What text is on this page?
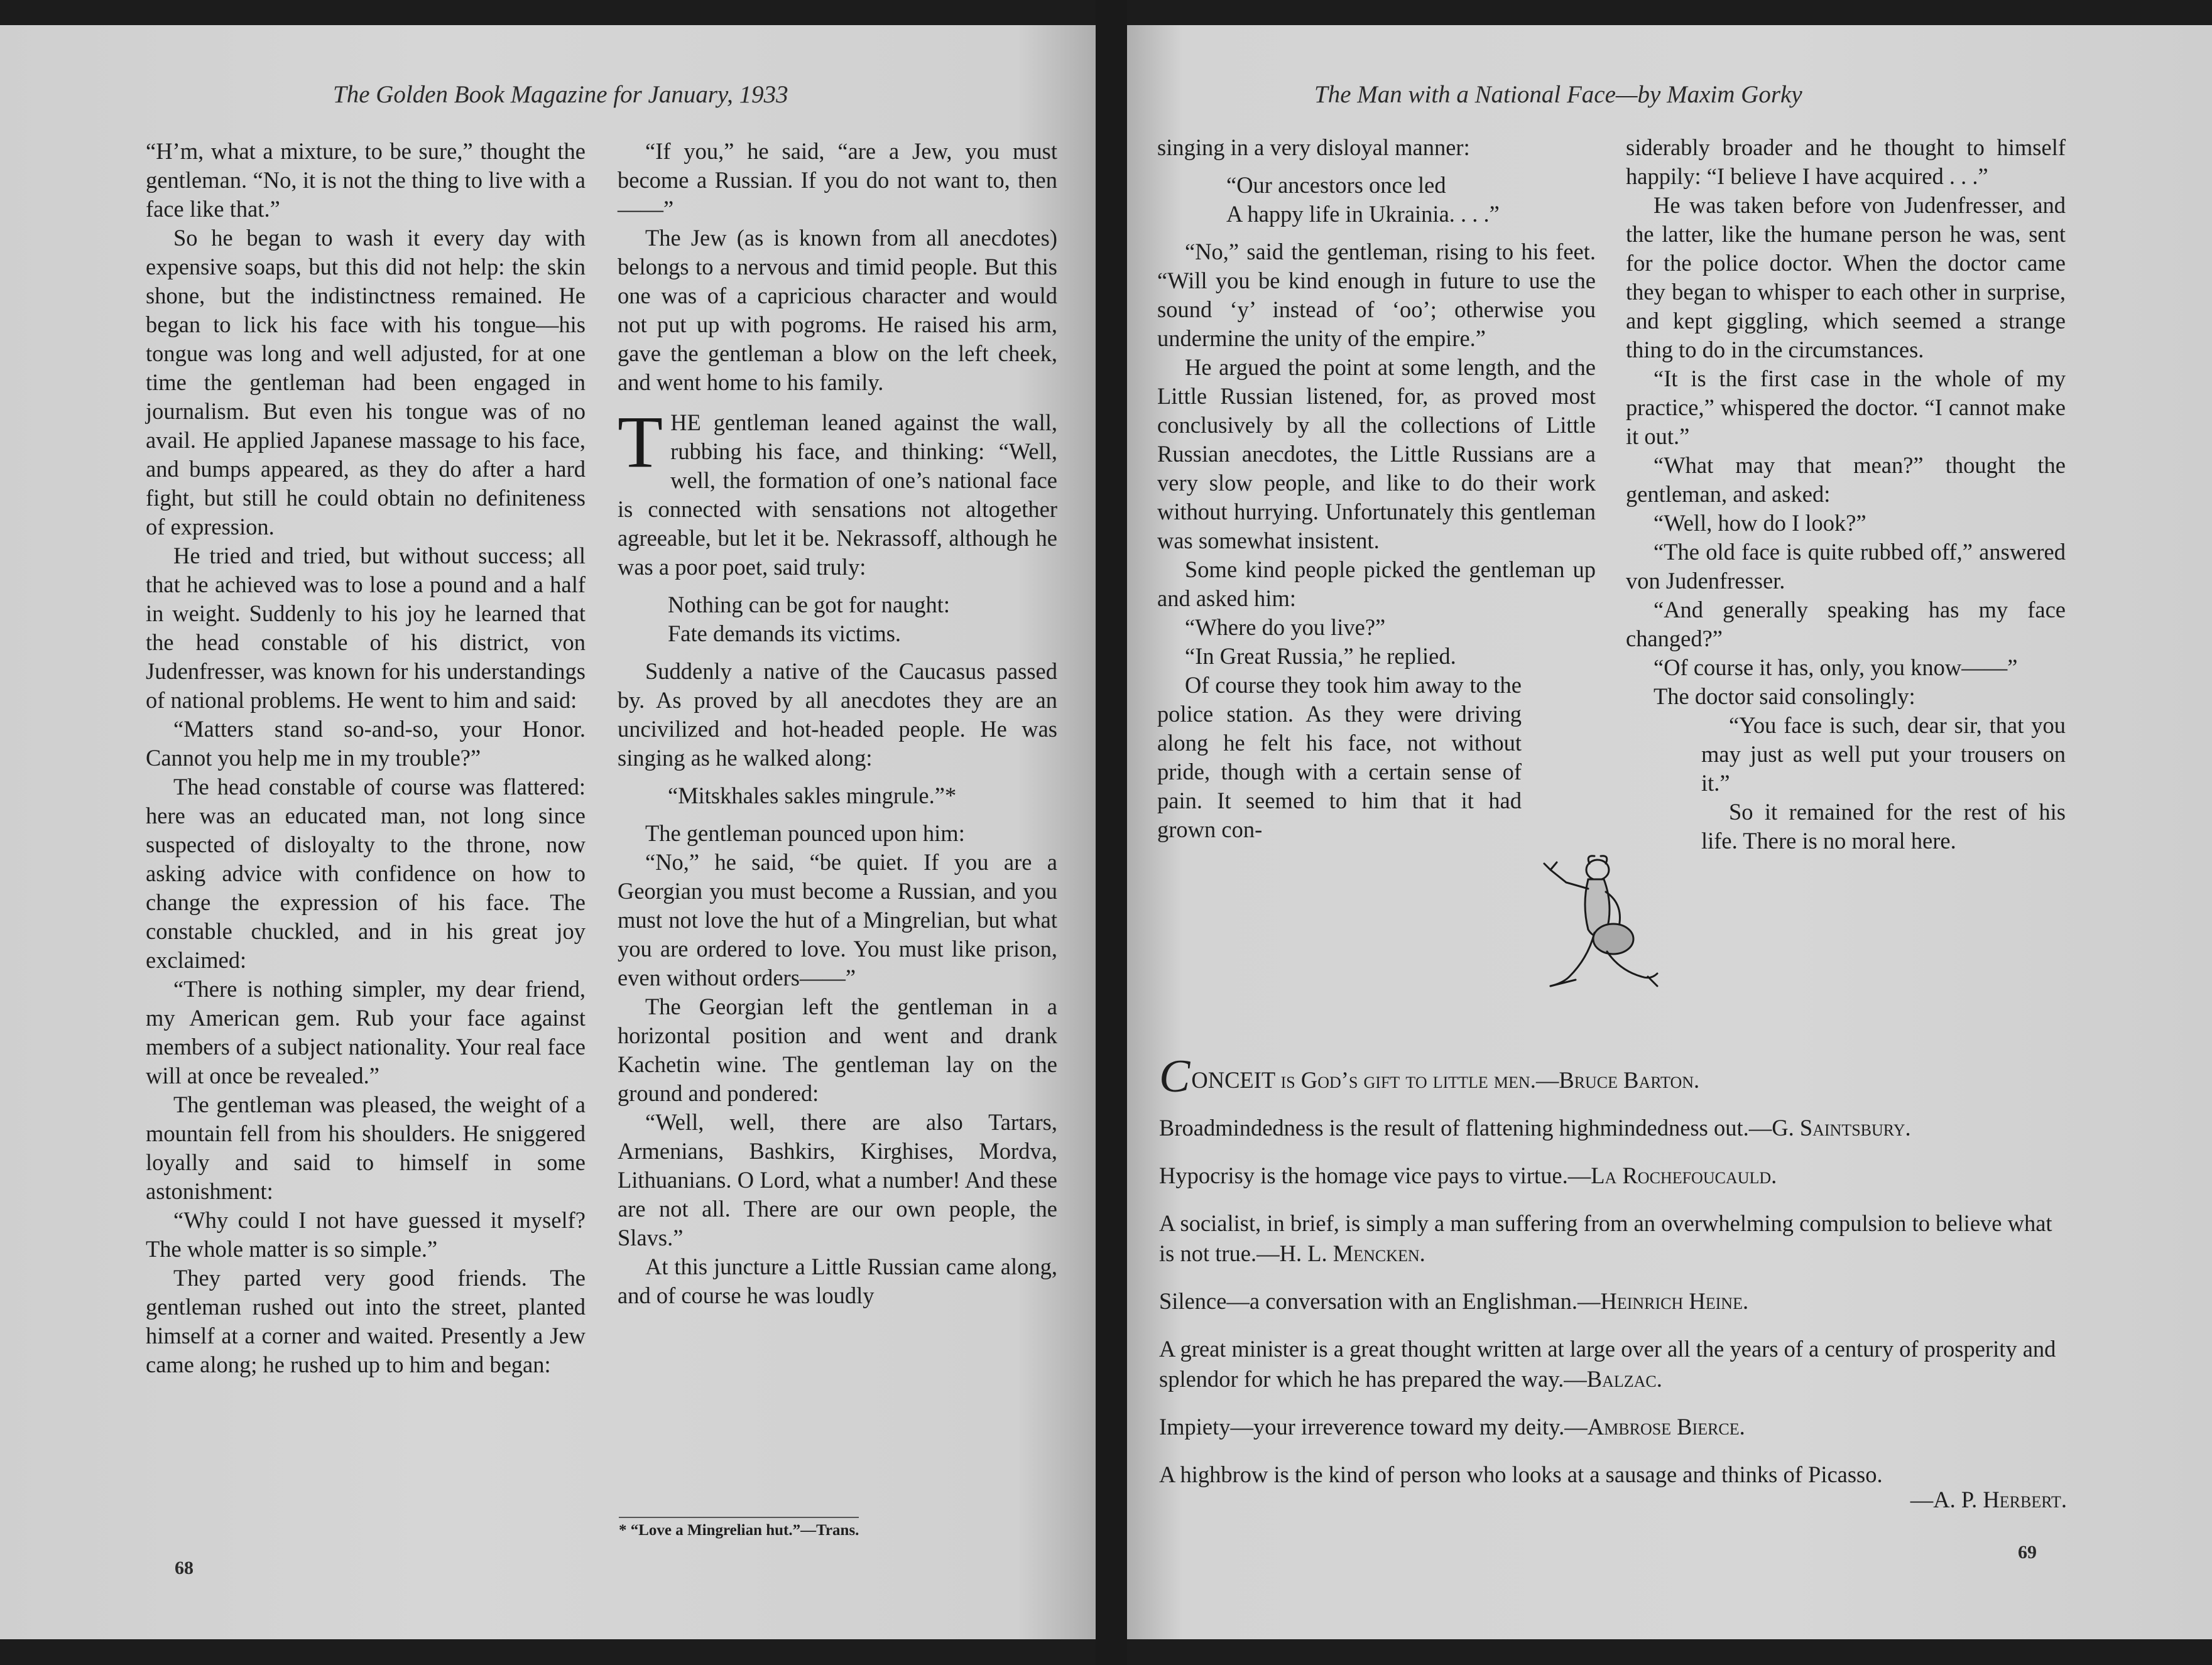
The Golden Book Magazine for January, 1933

“H’m, what a mixture, to be sure,” thought the gentleman. “No, it is not the thing to live with a face like that.”

So he began to wash it every day with expensive soaps, but this did not help: the skin shone, but the indistinctness remained. He began to lick his face with his tongue—his tongue was long and well adjusted, for at one time the gentleman had been engaged in journalism. But even his tongue was of no avail. He applied Japanese massage to his face, and bumps appeared, as they do after a hard fight, but still he could obtain no definiteness of expression.

He tried and tried, but without success; all that he achieved was to lose a pound and a half in weight. Suddenly to his joy he learned that the head constable of his district, von Judenfresser, was known for his understandings of national problems. He went to him and said:

“Matters stand so-and-so, your Honor. Cannot you help me in my trouble?”

The head constable of course was flattered: here was an educated man, not long since suspected of disloyalty to the throne, now asking advice with confidence on how to change the expression of his face. The constable chuckled, and in his great joy exclaimed:

“There is nothing simpler, my dear friend, my American gem. Rub your face against members of a subject nationality. Your real face will at once be revealed.”

The gentleman was pleased, the weight of a mountain fell from his shoulders. He sniggered loyally and said to himself in some astonishment:

“Why could I not have guessed it myself? The whole matter is so simple.”

They parted very good friends. The gentleman rushed out into the street, planted himself at a corner and waited. Presently a Jew came along; he rushed up to him and began:

“If you,” he said, “are a Jew, you must become a Russian. If you do not want to, then——”

The Jew (as is known from all anecdotes) belongs to a nervous and timid people. But this one was of a capricious character and would not put up with pogroms. He raised his arm, gave the gentleman a blow on the left cheek, and went home to his family.

THE gentleman leaned against the wall, rubbing his face, and thinking: “Well, well, the formation of one’s national face is connected with sensations not altogether agreeable, but let it be. Nekrassoff, although he was a poor poet, said truly:

Nothing can be got for naught:
Fate demands its victims.

Suddenly a native of the Caucasus passed by. As proved by all anecdotes they are an uncivilized and hot-headed people. He was singing as he walked along:

“Mitskhales sakles mingrule.”*

The gentleman pounced upon him:

“No,” he said, “be quiet. If you are a Georgian you must become a Russian, and you must not love the hut of a Mingrelian, but what you are ordered to love. You must like prison, even without orders——”

The Georgian left the gentleman in a horizontal position and went and drank Kachetin wine. The gentleman lay on the ground and pondered:

“Well, well, there are also Tartars, Armenians, Bashkirs, Kirghises, Mordva, Lithuanians. O Lord, what a number! And these are not all. There are our own people, the Slavs.”

At this juncture a Little Russian came along, and of course he was loudly

* “Love a Mingrelian hut.”—Trans.
68
The Man with a National Face—by Maxim Gorky

singing in a very disloyal manner:

“Our ancestors once led
A happy life in Ukrainia. . . .”

“No,” said the gentleman, rising to his feet. “Will you be kind enough in future to use the sound ‘y’ instead of ‘oo’; otherwise you undermine the unity of the empire.”

He argued the point at some length, and the Little Russian listened, for, as proved most conclusively by all the collections of Little Russian anecdotes, the Little Russians are a very slow people, and like to do their work without hurrying. Unfortunately this gentleman was somewhat insistent.

Some kind people picked the gentleman up and asked him:

“Where do you live?”

“In Great Russia,” he replied.

Of course they took him away to the police station. As they were driving along he felt his face, not without pride, though with a certain sense of pain. It seemed to him that it had grown con-

siderably broader and he thought to himself happily: “I believe I have acquired . . .”

He was taken before von Judenfresser, and the latter, like the humane person he was, sent for the police doctor. When the doctor came they began to whisper to each other in surprise, and kept giggling, which seemed a strange thing to do in the circumstances.

“It is the first case in the whole of my practice,” whispered the doctor. “I cannot make it out.”

“What may that mean?” thought the gentleman, and asked:

“Well, how do I look?”

“The old face is quite rubbed off,” answered von Judenfresser.

“And generally speaking has my face changed?”

“Of course it has, only, you know——”

The doctor said consolingly:

“You face is such, dear sir, that you may just as well put your trousers on it.”

So it remained for the rest of his life. There is no moral here.

CONCEIT is God’s gift to little men.—Bruce Barton.
Broadmindedness is the result of flattening highmindedness out.—G. Saintsbury.
Hypocrisy is the homage vice pays to virtue.—La Rochefoucauld.
A socialist, in brief, is simply a man suffering from an overwhelming compulsion to believe what is not true.—H. L. Mencken.
Silence—a conversation with an Englishman.—Heinrich Heine.
A great minister is a great thought written at large over all the years of a century of prosperity and splendor for which he has prepared the way.—Balzac.
Impiety—your irreverence toward my deity.—Ambrose Bierce.
A highbrow is the kind of person who looks at a sausage and thinks of Picasso.
—A. P. Herbert.
69
